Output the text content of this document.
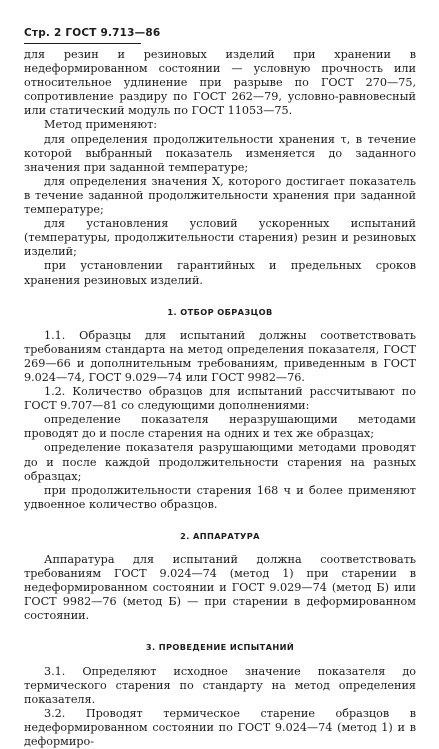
Стр. 2 ГОСТ 9.713—86

для резин и резиновых изделий при хранении в недеформированном состоянии — условную прочность или относительное удлинение при разрыве по ГОСТ 270—75, сопротивление раздиру по ГОСТ 262—79, условно-равновесный или статический модуль по ГОСТ 11053—75.

Метод применяют:

для определения продолжительности хранения τ, в течение которой выбранный показатель изменяется до заданного значения при заданной температуре;

для определения значения X, которого достигает показатель в течение заданной продолжительности хранения при заданной температуре;

для установления условий ускоренных испытаний (температуры, продолжительности старения) резин и резиновых изделий;

при установлении гарантийных и предельных сроков хранения резиновых изделий.

1. ОТБОР ОБРАЗЦОВ

1.1. Образцы для испытаний должны соответствовать требованиям стандарта на метод определения показателя, ГОСТ 269—66 и дополнительным требованиям, приведенным в ГОСТ 9.024—74, ГОСТ 9.029—74 или ГОСТ 9982—76.

1.2. Количество образцов для испытаний рассчитывают по ГОСТ 9.707—81 со следующими дополнениями:

определение показателя неразрушающими методами проводят до и после старения на одних и тех же образцах;

определение показателя разрушающими методами проводят до и после каждой продолжительности старения на разных образцах;

при продолжительности старения 168 ч и более применяют удвоенное количество образцов.

2. АППАРАТУРА

Аппаратура для испытаний должна соответствовать требованиям ГОСТ 9.024—74 (метод 1) при старении в недеформированном состоянии и ГОСТ 9.029—74 (метод Б) или ГОСТ 9982—76 (метод Б) — при старении в деформированном состоянии.

3. ПРОВЕДЕНИЕ ИСПЫТАНИЙ

3.1. Определяют исходное значение показателя до термического старения по стандарту на метод определения показателя.

3.2. Проводят термическое старение образцов в недеформированном состоянии по ГОСТ 9.024—74 (метод 1) и в деформиро-
